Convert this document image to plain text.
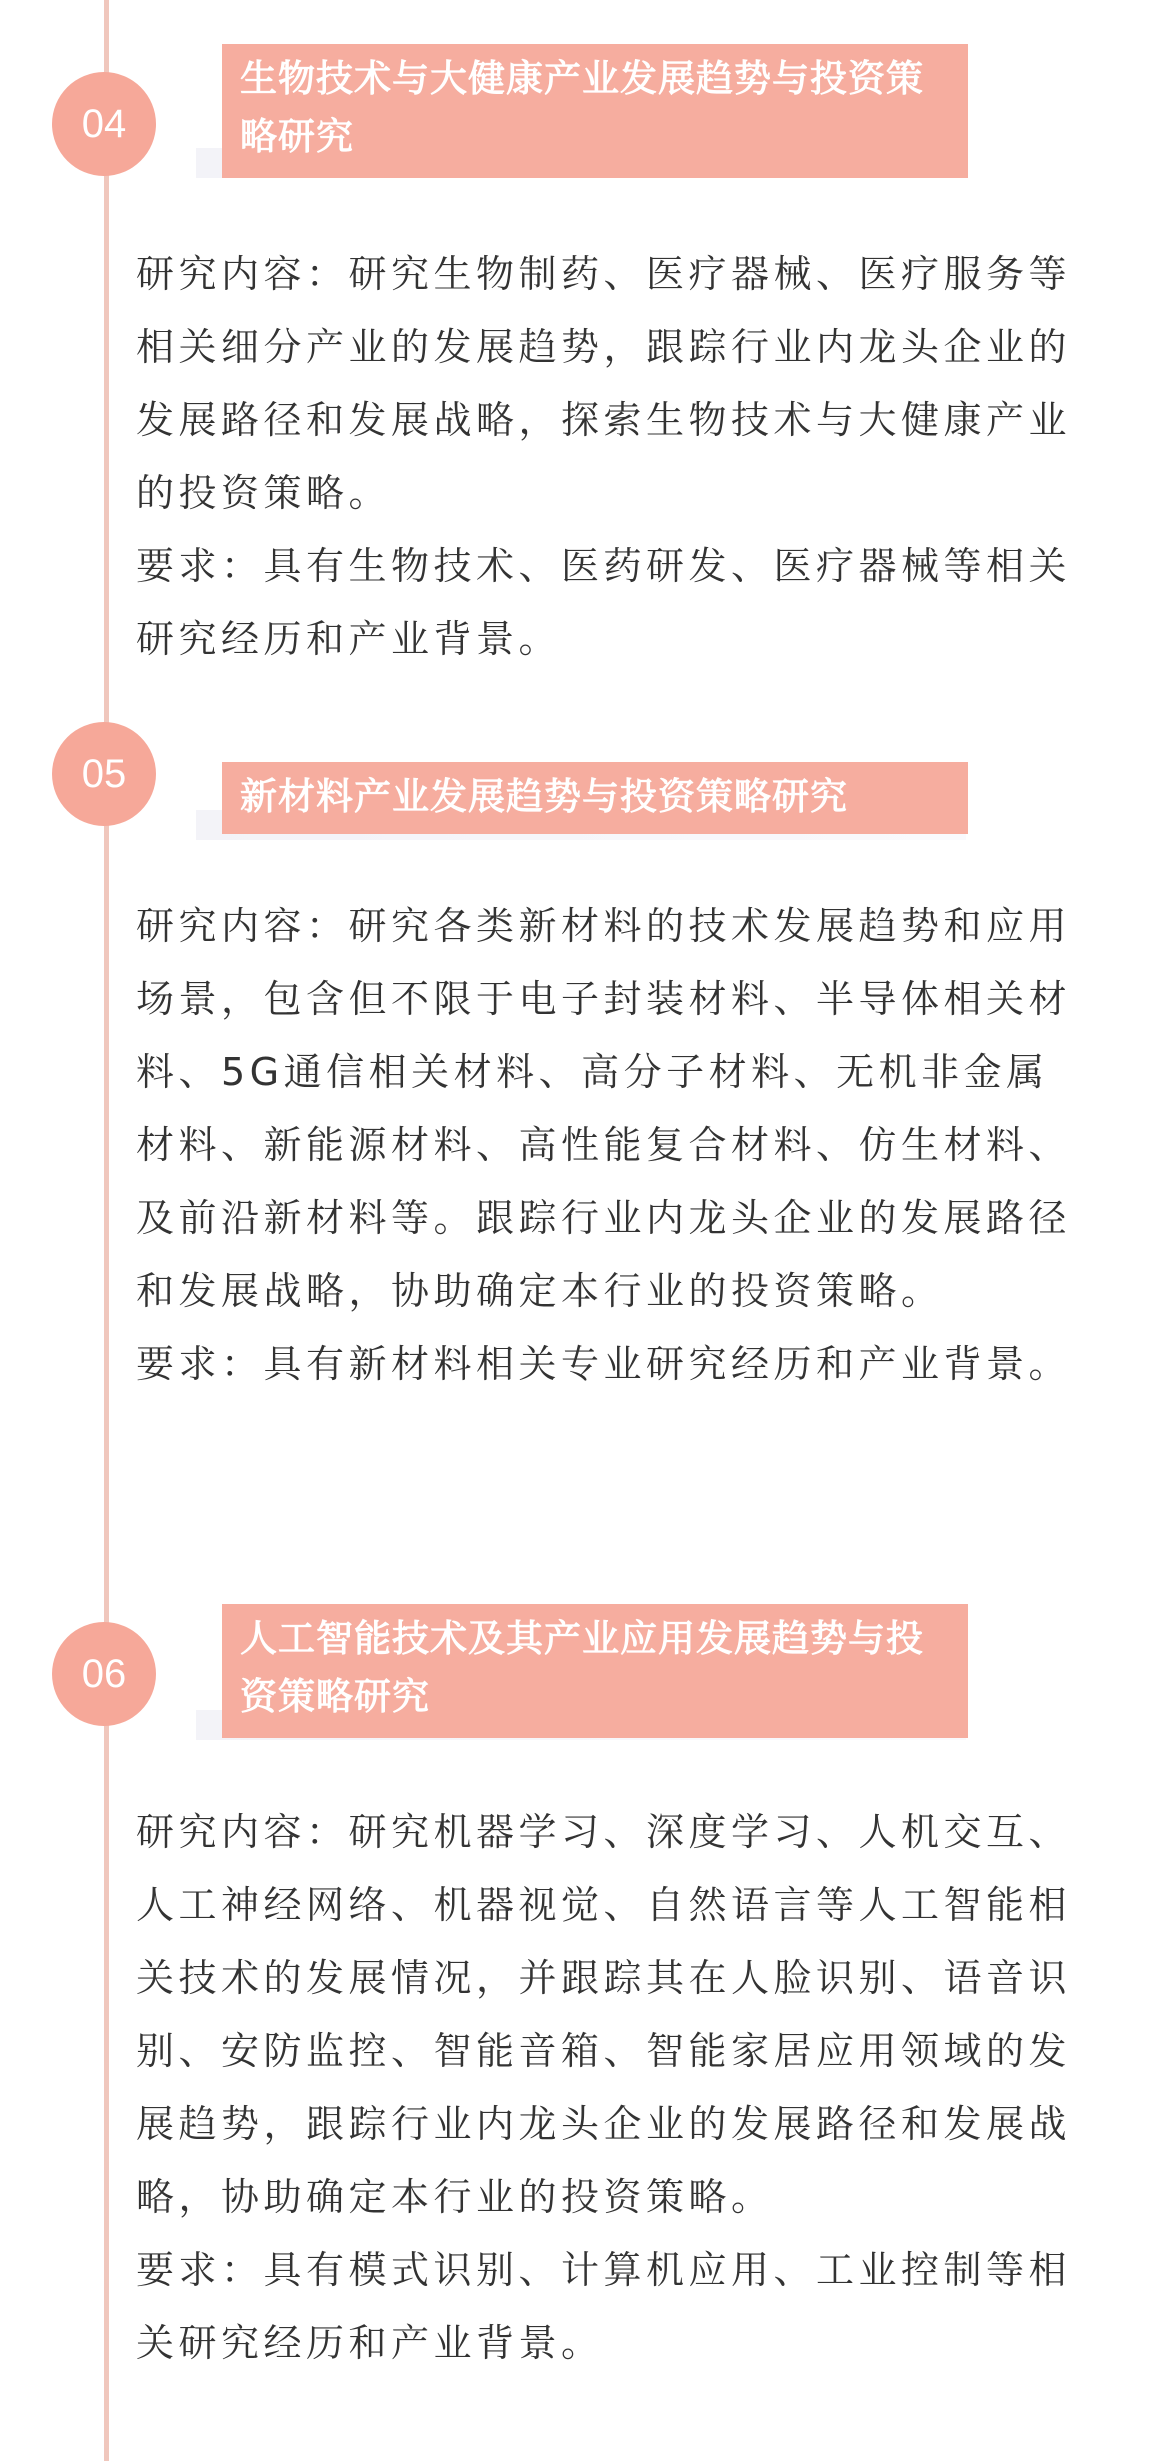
04
生物技术与大健康产业发展趋势与投资策略研究

研究内容：研究生物制药、医疗器械、医疗服务等相关细分产业的发展趋势，跟踪行业内龙头企业的发展路径和发展战略，探索生物技术与大健康产业的投资策略。

要求：具有生物技术、医药研发、医疗器械等相关研究经历和产业背景。

05
新材料产业发展趋势与投资策略研究

研究内容：研究各类新材料的技术发展趋势和应用场景，包含但不限于电子封装材料、半导体相关材料、5G通信相关材料、高分子材料、无机非金属材料、新能源材料、高性能复合材料、仿生材料、及前沿新材料等。跟踪行业内龙头企业的发展路径和发展战略，协助确定本行业的投资策略。

要求：具有新材料相关专业研究经历和产业背景。

06
人工智能技术及其产业应用发展趋势与投资策略研究

研究内容：研究机器学习、深度学习、人机交互、人工神经网络、机器视觉、自然语言等人工智能相关技术的发展情况，并跟踪其在人脸识别、语音识别、安防监控、智能音箱、智能家居应用领域的发展趋势，跟踪行业内龙头企业的发展路径和发展战略，协助确定本行业的投资策略。

要求：具有模式识别、计算机应用、工业控制等相关研究经历和产业背景。
